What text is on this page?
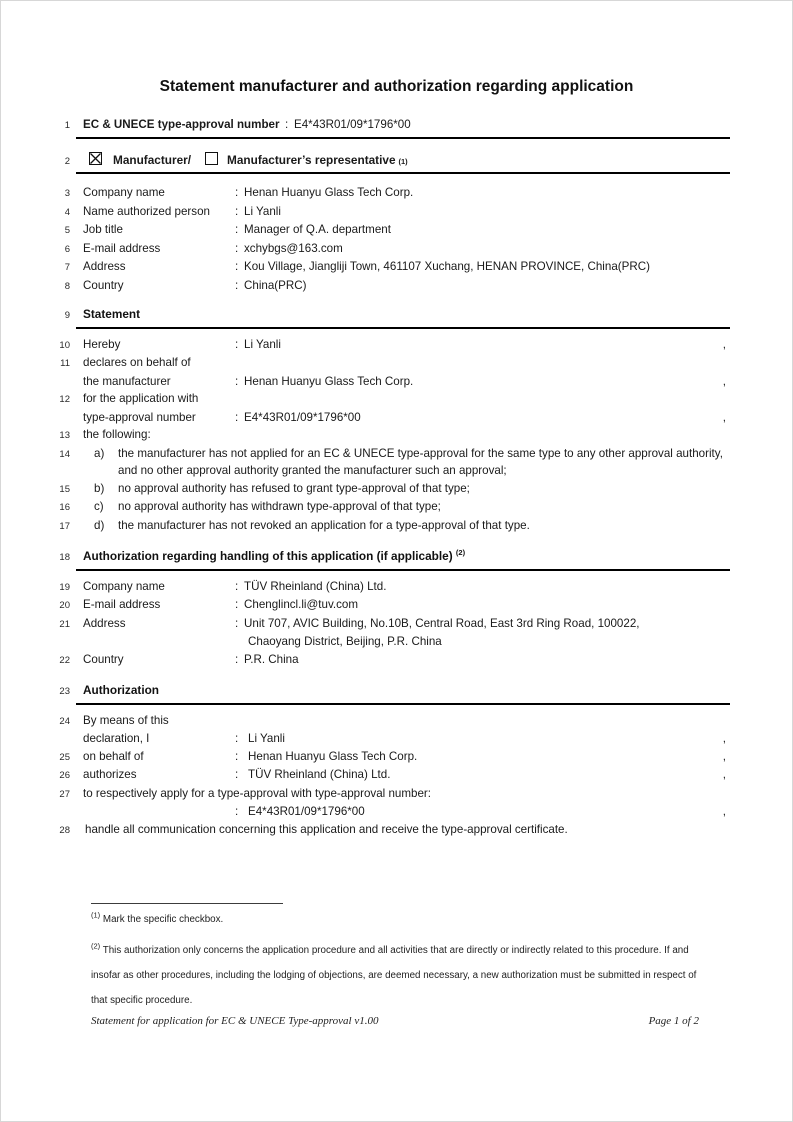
Statement manufacturer and authorization regarding application
1 EC & UNECE type-approval number : E4*43R01/09*1796*00
2	Manufacturer/	Manufacturer’s representative (1)
3 Company name	: Henan Huanyu Glass Tech Corp.
4 Name authorized person	: Li Yanli
5 Job title	: Manager of Q.A. department
6 E-mail address	: xchybgs@163.com
7 Address	: Kou Village, Jiangliji Town, 461107 Xuchang, HENAN PROVINCE, China(PRC)
8 Country	: China(PRC)
9 Statement
10 Hereby	: Li Yanli	,
11 declares on behalf of
the manufacturer	: Henan Huanyu Glass Tech Corp.	,
12 for the application with
type-approval number	: E4*43R01/09*1796*00	,
13 the following:
14 a)	the manufacturer has not applied for an EC & UNECE type-approval for the same type to any other approval authority, and no other approval authority granted the manufacturer such an approval;
15 b)	no approval authority has refused to grant type-approval of that type;
16 c)	no approval authority has withdrawn type-approval of that type;
17 d)	the manufacturer has not revoked an application for a type-approval of that type.
18 Authorization regarding handling of this application (if applicable) $^{(2)}$
19 Company name	: TÜV Rheinland (China) Ltd.
20 E-mail address	: Chenglincl.li@tuv.com
21 Address	: Unit 707, AVIC Building, No.10B, Central Road, East 3rd Ring Road, 100022,
Chaoyang District, Beijing, P.R. China
22 Country	: P.R. China
23 Authorization
24 By means of this
declaration, I	: Li Yanli	,
25 on behalf of	: Henan Huanyu Glass Tech Corp.	,
26 authorizes	: TÜV Rheinland (China) Ltd.	,
27 to respectively apply for a type-approval with type-approval number:
: E4*43R01/09*1796*00	,
28 handle all communication concerning this application and receive the type-approval certificate.
$^{(1)}$ Mark the specific checkbox.
$^{(2)}$ This authorization only concerns the application procedure and all activities that are directly or indirectly related to this procedure. If and insofar as other procedures, including the lodging of objections, are deemed necessary, a new authorization must be submitted in respect of that specific procedure.
Statement for application for EC & UNECE Type-approval v1.00	Page 1 of 2
